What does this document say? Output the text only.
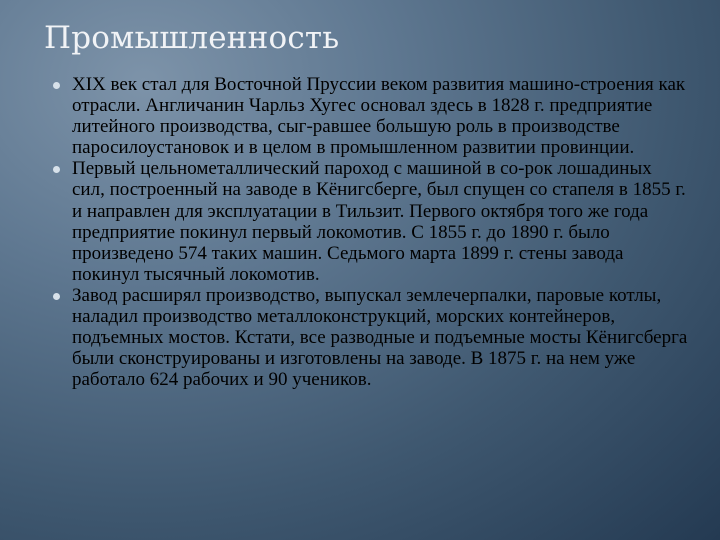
Промышленность
XIX век стал для Восточной Пруссии веком развития машино-строения как отрасли. Англичанин Чарльз Хугес основал здесь в 1828 г. предприятие литейного производства, сыг-равшее большую роль в производстве паросилоустановок и в целом в промышленном развитии провинции.
Первый цельнометаллический пароход с машиной в со-рок лошадиных сил, построенный на заводе в Кёнигсберге, был спущен со стапеля в 1855 г. и направлен для эксплуатации в Тильзит. Первого октября того же года предприятие покинул первый локомотив. С 1855 г. до 1890 г. было произведено 574 таких машин. Седьмого марта 1899 г. стены завода покинул тысячный локомотив.
Завод расширял производство, выпускал землечерпалки, паровые котлы, наладил производство металлоконструкций, морских контейнеров, подъемных мостов. Кстати, все разводные и подъемные мосты Кёнигсберга были сконструированы и изготовлены на заводе. В 1875 г. на нем уже работало 624 рабочих и 90 учеников.
